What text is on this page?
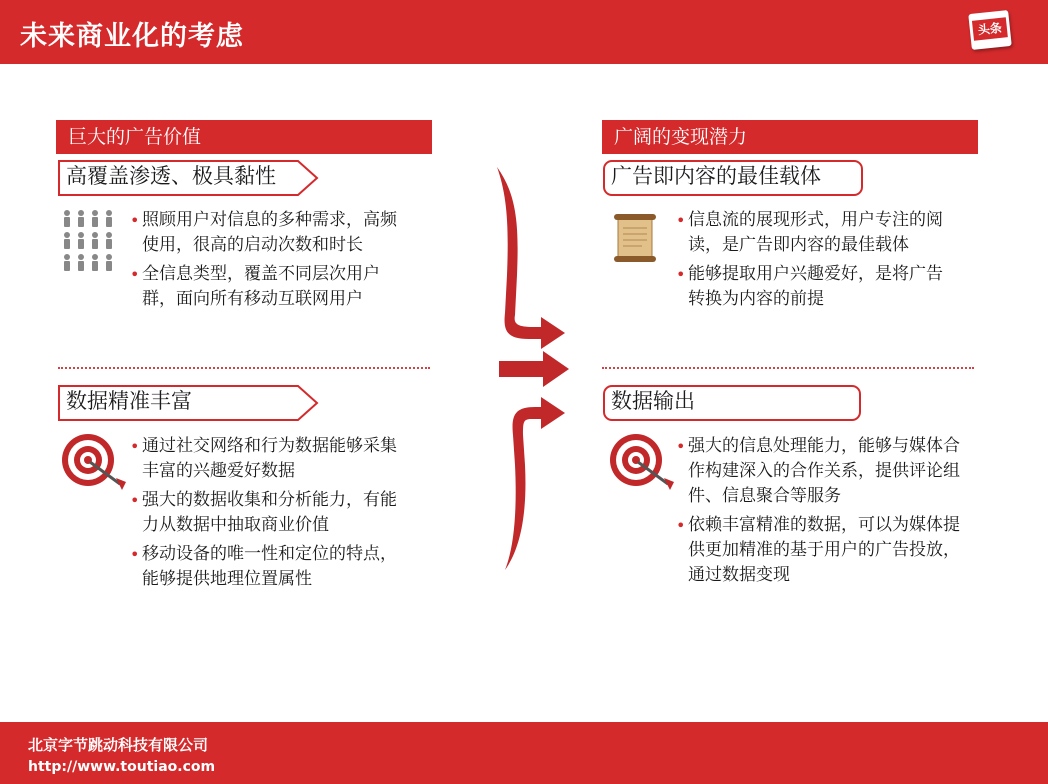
未来商业化的考虑	头条
巨大的广告价值
高覆盖渗透、极具黏性
• 照顾用户对信息的多种需求，高频使用，很高的启动次数和时长
• 全信息类型，覆盖不同层次用户群，面向所有移动互联网用户
数据精准丰富
• 通过社交网络和行为数据能够采集丰富的兴趣爱好数据
• 强大的数据收集和分析能力，有能力从数据中抽取商业价值
• 移动设备的唯一性和定位的特点，能够提供地理位置属性
广阔的变现潜力
广告即内容的最佳载体
• 信息流的展现形式，用户专注的阅读，是广告即内容的最佳载体
• 能够提取用户兴趣爱好，是将广告转换为内容的前提
数据输出
• 强大的信息处理能力，能够与媒体合作构建深入的合作关系，提供评论组件、信息聚合等服务
• 依赖丰富精准的数据，可以为媒体提供更加精准的基于用户的广告投放，通过数据变现
北京字节跳动科技有限公司
http://www.toutiao.com
